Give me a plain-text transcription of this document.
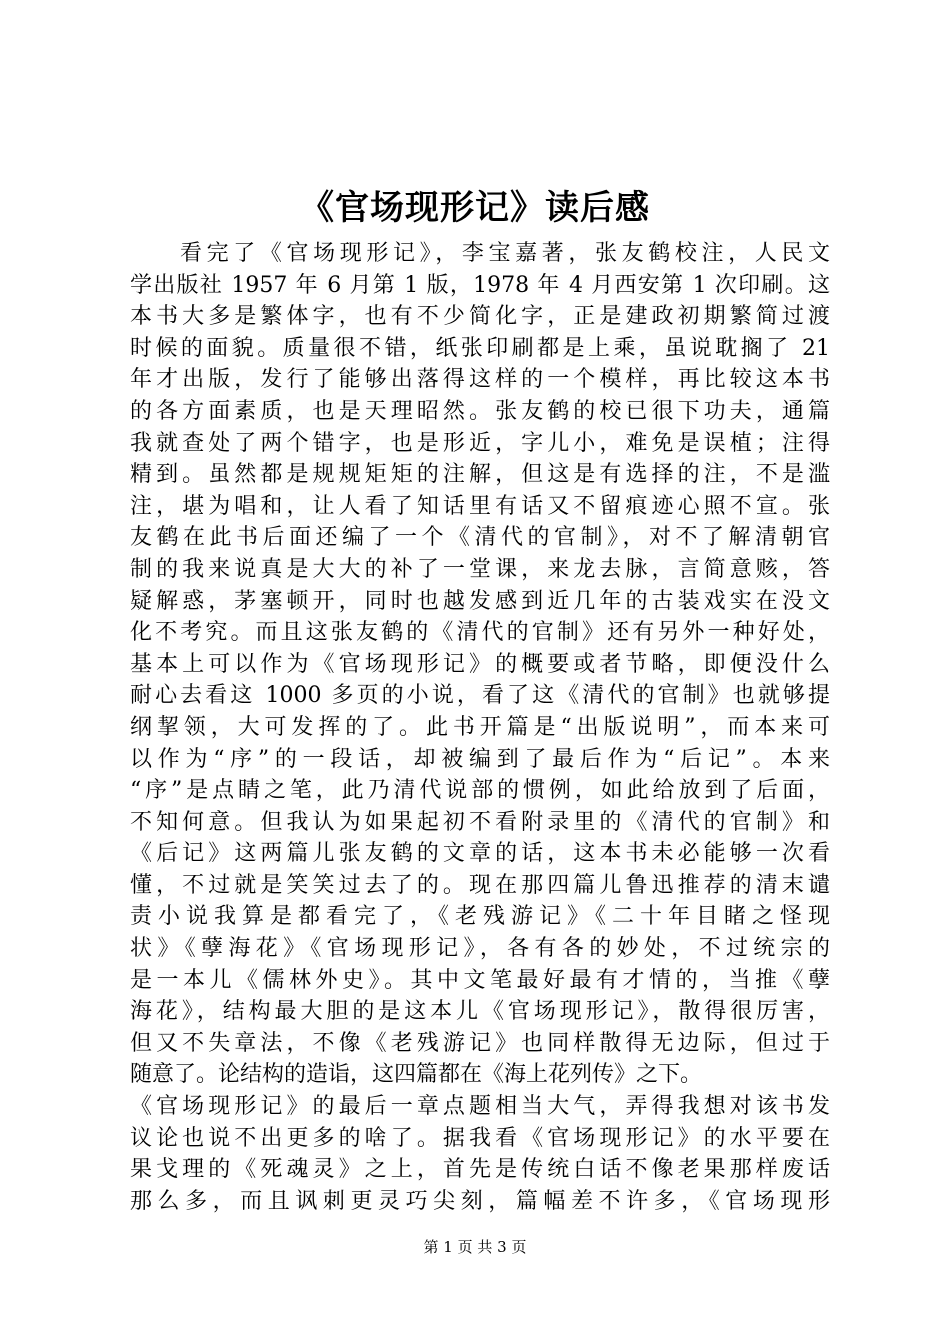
《官场现形记》读后感
看完了《官场现形记》，李宝嘉著，张友鹤校注，人民文
学出版社 1957 年 6 月第 1 版，1978 年 4 月西安第 1 次印刷。这
本书大多是繁体字，也有不少简化字，正是建政初期繁简过渡
时候的面貌。质量很不错，纸张印刷都是上乘，虽说耽搁了 21
年才出版，发行了能够出落得这样的一个模样，再比较这本书
的各方面素质，也是天理昭然。张友鹤的校已很下功夫，通篇
我就查处了两个错字，也是形近，字儿小，难免是误植；注得
精到。虽然都是规规矩矩的注解，但这是有选择的注，不是滥
注，堪为唱和，让人看了知话里有话又不留痕迹心照不宣。张
友鹤在此书后面还编了一个《清代的官制》，对不了解清朝官
制的我来说真是大大的补了一堂课，来龙去脉，言简意赅，答
疑解惑，茅塞顿开，同时也越发感到近几年的古装戏实在没文
化不考究。而且这张友鹤的《清代的官制》还有另外一种好处，
基本上可以作为《官场现形记》的概要或者节略，即便没什么
耐心去看这 1000 多页的小说，看了这《清代的官制》也就够提
纲挈领，大可发挥的了。此书开篇是“出版说明”，而本来可
以作为“序”的一段话，却被编到了最后作为“后记”。本来
“序”是点睛之笔，此乃清代说部的惯例，如此给放到了后面，
不知何意。但我认为如果起初不看附录里的《清代的官制》和
《后记》这两篇儿张友鹤的文章的话，这本书未必能够一次看
懂，不过就是笑笑过去了的。现在那四篇儿鲁迅推荐的清末谴
责小说我算是都看完了，《老残游记》《二十年目睹之怪现
状》《孽海花》《官场现形记》，各有各的妙处，不过统宗的
是一本儿《儒林外史》。其中文笔最好最有才情的，当推《孽
海花》，结构最大胆的是这本儿《官场现形记》，散得很厉害，
但又不失章法，不像《老残游记》也同样散得无边际，但过于
随意了。论结构的造诣，这四篇都在《海上花列传》之下。
《官场现形记》的最后一章点题相当大气，弄得我想对该书发
议论也说不出更多的啥了。据我看《官场现形记》的水平要在
果戈理的《死魂灵》之上，首先是传统白话不像老果那样废话
那么多，而且讽刺更灵巧尖刻，篇幅差不许多，《官场现形
第 1 页 共 3 页
